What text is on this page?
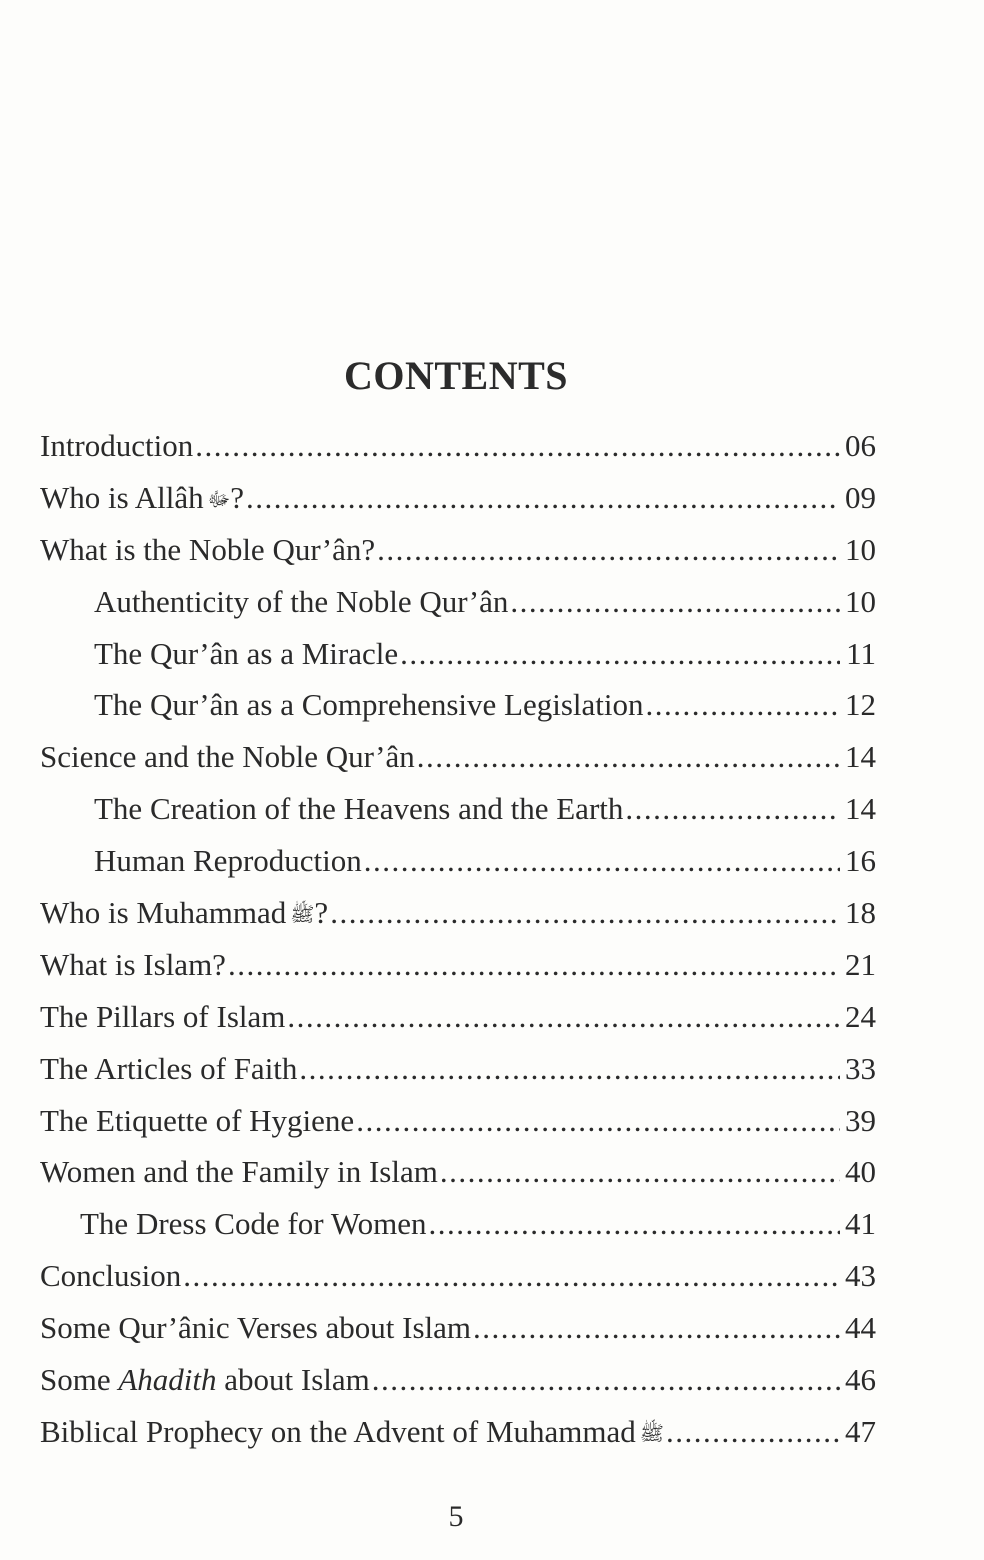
CONTENTS
Introduction .....	06
Who is Allâh ﷻ? .....	09
What is the Noble Qur’ân? .....	10
Authenticity of the Noble Qur’ân .....	10
The Qur’ân as a Miracle .....	11
The Qur’ân as a Comprehensive Legislation .....	12
Science and the Noble Qur’ân .....	14
The Creation of the Heavens and the Earth .....	14
Human Reproduction .....	16
Who is Muhammad ﷺ? .....	18
What is Islam? .....	21
The Pillars of Islam .....	24
The Articles of Faith .....	33
The Etiquette of Hygiene .....	39
Women and the Family in Islam .....	40
The Dress Code for Women .....	41
Conclusion .....	43
Some Qur’ânic Verses about Islam .....	44
Some Ahadith about Islam .....	46
Biblical Prophecy on the Advent of Muhammad ﷺ .....	47
5
